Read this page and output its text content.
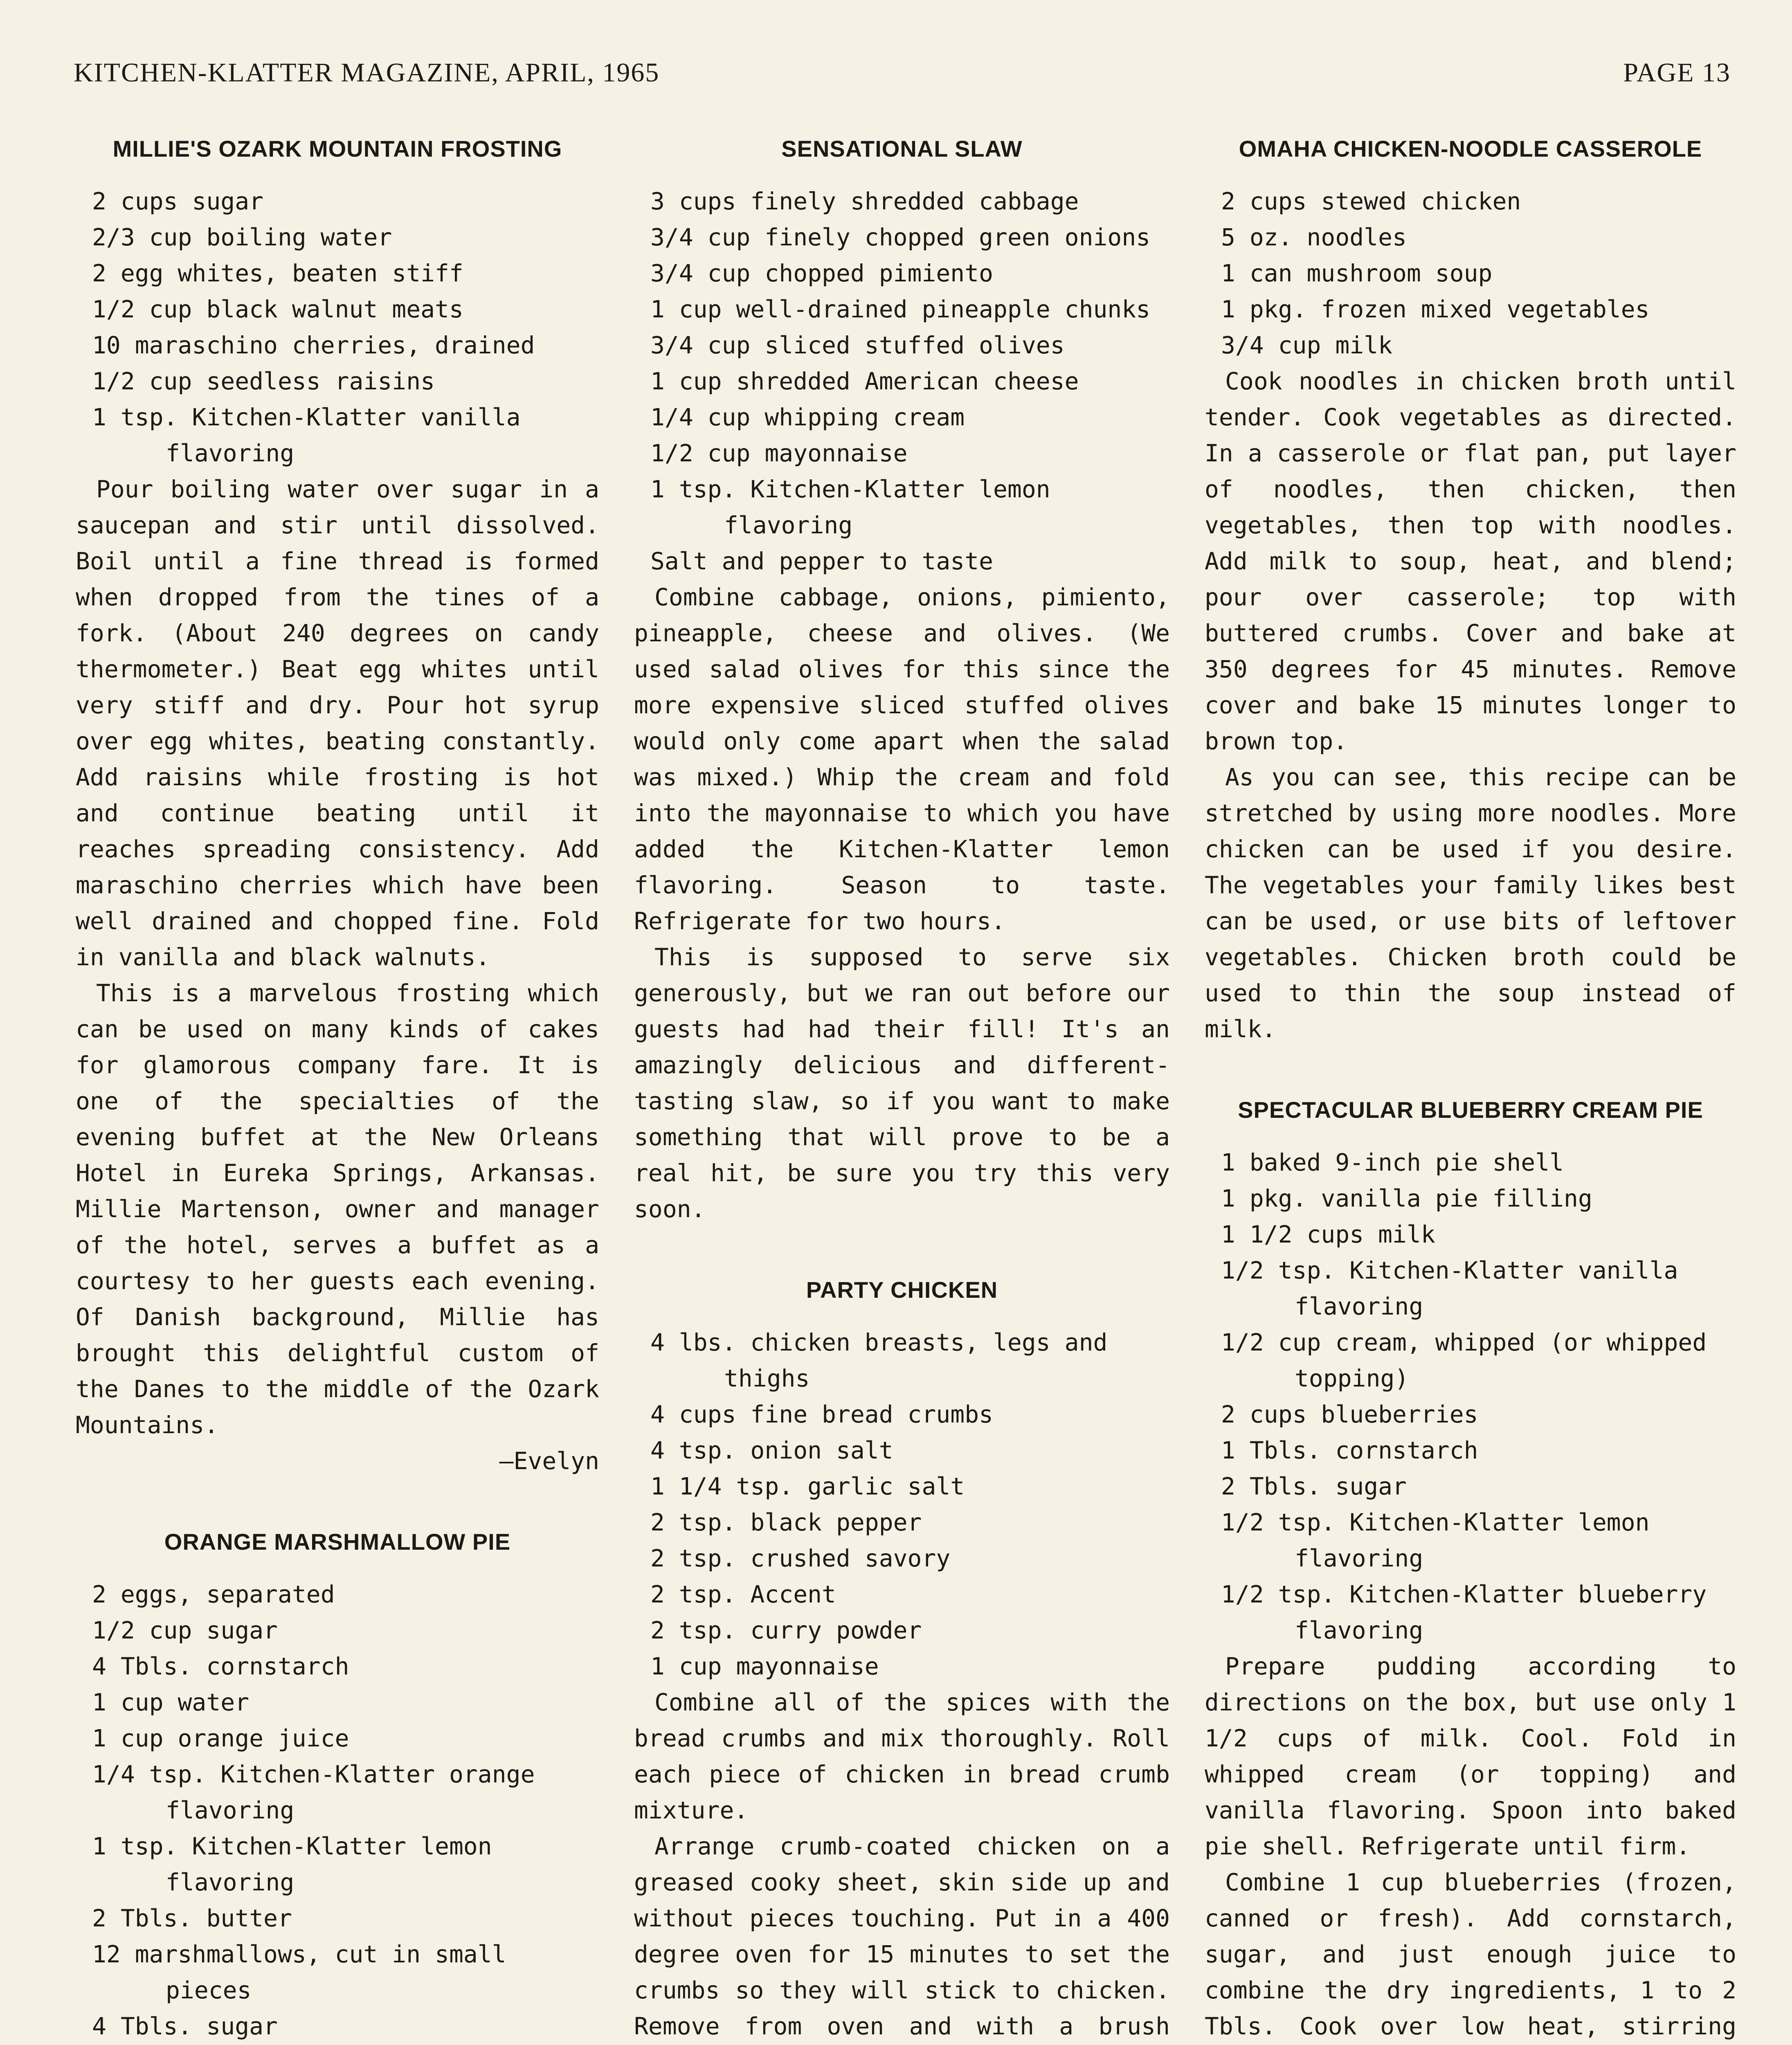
KITCHEN-KLATTER MAGAZINE, APRIL, 1965	PAGE 13
MILLIE'S OZARK MOUNTAIN FROSTING
2 cups sugar
2/3 cup boiling water
2 egg whites, beaten stiff
1/2 cup black walnut meats
10 maraschino cherries, drained
1/2 cup seedless raisins
1 tsp. Kitchen-Klatter vanilla flavoring

Pour boiling water over sugar in a saucepan and stir until dissolved. Boil until a fine thread is formed when dropped from the tines of a fork. (About 240 degrees on candy thermometer.) Beat egg whites until very stiff and dry. Pour hot syrup over egg whites, beating constantly. Add raisins while frosting is hot and continue beating until it reaches spreading consistency. Add maraschino cherries which have been well drained and chopped fine. Fold in vanilla and black walnuts.

This is a marvelous frosting which can be used on many kinds of cakes for glamorous company fare. It is one of the specialties of the evening buffet at the New Orleans Hotel in Eureka Springs, Arkansas. Millie Martenson, owner and manager of the hotel, serves a buffet as a courtesy to her guests each evening. Of Danish background, Millie has brought this delightful custom of the Danes to the middle of the Ozark Mountains.

—Evelyn
ORANGE MARSHMALLOW PIE
2 eggs, separated
1/2 cup sugar
4 Tbls. cornstarch
1 cup water
1 cup orange juice
1/4 tsp. Kitchen-Klatter orange flavoring
1 tsp. Kitchen-Klatter lemon flavoring
2 Tbls. butter
12 marshmallows, cut in small pieces
4 Tbls. sugar

SENSATIONAL SLAW
3 cups finely shredded cabbage
3/4 cup finely chopped green onions
3/4 cup chopped pimiento
1 cup well-drained pineapple chunks
3/4 cup sliced stuffed olives
1 cup shredded American cheese
1/4 cup whipping cream
1/2 cup mayonnaise
1 tsp. Kitchen-Klatter lemon flavoring
Salt and pepper to taste

Combine cabbage, onions, pimiento, pineapple, cheese and olives. (We used salad olives for this since the more expensive sliced stuffed olives would only come apart when the salad was mixed.) Whip the cream and fold into the mayonnaise to which you have added the Kitchen-Klatter lemon flavoring. Season to taste. Refrigerate for two hours.

This is supposed to serve six generously, but we ran out before our guests had had their fill! It's an amazingly delicious and different-tasting slaw, so if you want to make something that will prove to be a real hit, be sure you try this very soon.

PARTY CHICKEN
4 lbs. chicken breasts, legs and thighs
4 cups fine bread crumbs
4 tsp. onion salt
1 1/4 tsp. garlic salt
2 tsp. black pepper
2 tsp. crushed savory
2 tsp. Accent
2 tsp. curry powder
1 cup mayonnaise

Combine all of the spices with the bread crumbs and mix thoroughly. Roll each piece of chicken in bread crumb mixture.

Arrange crumb-coated chicken on a greased cooky sheet, skin side up and without pieces touching. Put in a 400 degree oven for 15 minutes to set the crumbs so they will stick to chicken. Remove from oven and with a brush

OMAHA CHICKEN-NOODLE CASSEROLE
2 cups stewed chicken
5 oz. noodles
1 can mushroom soup
1 pkg. frozen mixed vegetables
3/4 cup milk

Cook noodles in chicken broth until tender. Cook vegetables as directed. In a casserole or flat pan, put layer of noodles, then chicken, then vegetables, then top with noodles. Add milk to soup, heat, and blend; pour over casserole; top with buttered crumbs. Cover and bake at 350 degrees for 45 minutes. Remove cover and bake 15 minutes longer to brown top.

As you can see, this recipe can be stretched by using more noodles. More chicken can be used if you desire. The vegetables your family likes best can be used, or use bits of leftover vegetables. Chicken broth could be used to thin the soup instead of milk.

SPECTACULAR BLUEBERRY CREAM PIE
1 baked 9-inch pie shell
1 pkg. vanilla pie filling
1 1/2 cups milk
1/2 tsp. Kitchen-Klatter vanilla flavoring
1/2 cup cream, whipped (or whipped topping)
2 cups blueberries
1 Tbls. cornstarch
2 Tbls. sugar
1/2 tsp. Kitchen-Klatter lemon flavoring
1/2 tsp. Kitchen-Klatter blueberry flavoring

Prepare pudding according to directions on the box, but use only 1 1/2 cups of milk. Cool. Fold in whipped cream (or topping) and vanilla flavoring. Spoon into baked pie shell. Refrigerate until firm.

Combine 1 cup blueberries (frozen, canned or fresh). Add cornstarch, sugar, and just enough juice to combine the dry ingredients, 1 to 2 Tbls. Cook over low heat, stirring
